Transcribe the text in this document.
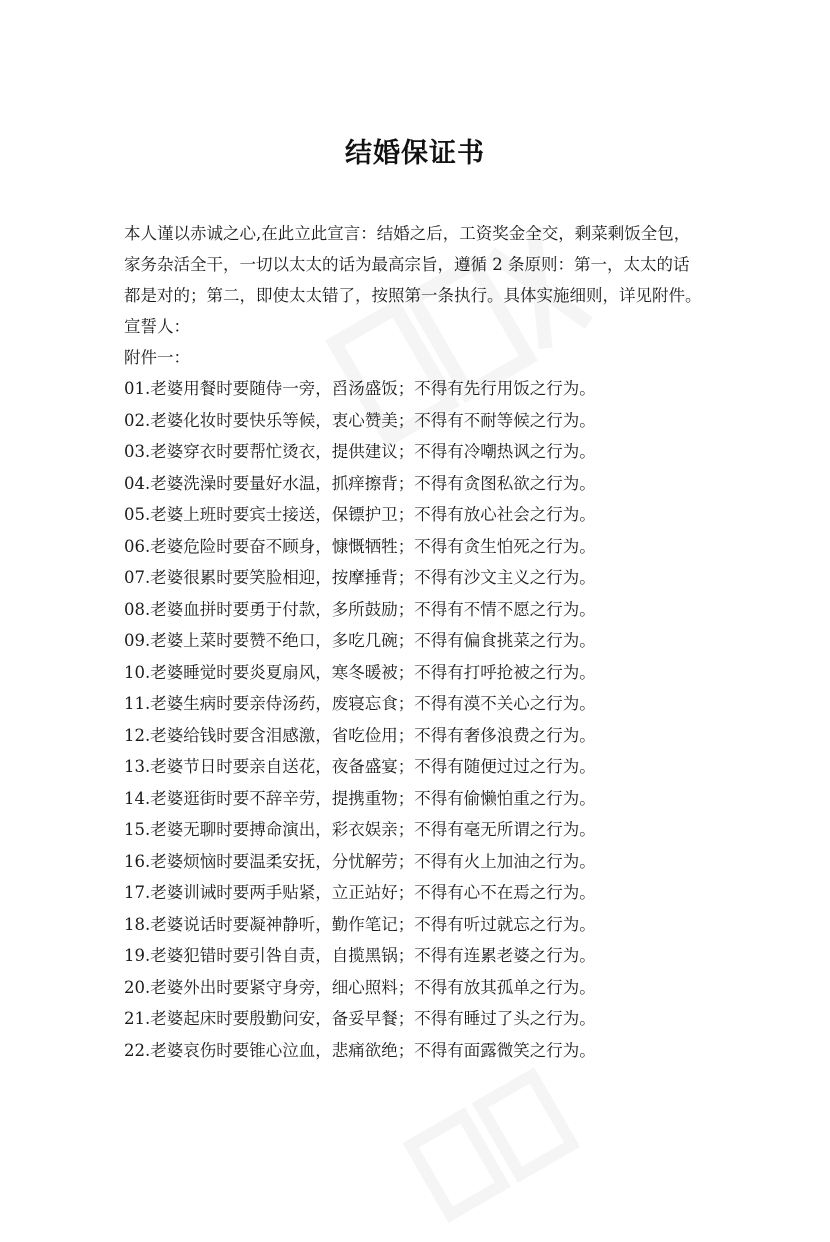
结婚保证书

本人谨以赤诚之心,在此立此宣言：结婚之后，工资奖金全交，剩菜剩饭全包，

家务杂活全干，一切以太太的话为最高宗旨，遵循 2 条原则：第一，太太的话

都是对的；第二，即使太太错了，按照第一条执行。具体实施细则，详见附件。

宣誓人：

附件一：

01.老婆用餐时要随侍一旁，舀汤盛饭；不得有先行用饭之行为。
02.老婆化妆时要快乐等候，衷心赞美；不得有不耐等候之行为。
03.老婆穿衣时要帮忙烫衣，提供建议；不得有冷嘲热讽之行为。
04.老婆洗澡时要量好水温，抓痒擦背；不得有贪图私欲之行为。
05.老婆上班时要宾士接送，保镖护卫；不得有放心社会之行为。
06.老婆危险时要奋不顾身，慷慨牺牲；不得有贪生怕死之行为。
07.老婆很累时要笑脸相迎，按摩捶背；不得有沙文主义之行为。
08.老婆血拼时要勇于付款，多所鼓励；不得有不情不愿之行为。
09.老婆上菜时要赞不绝口，多吃几碗；不得有偏食挑菜之行为。
10.老婆睡觉时要炎夏扇风，寒冬暖被；不得有打呼抢被之行为。
11.老婆生病时要亲侍汤药，废寝忘食；不得有漠不关心之行为。
12.老婆给钱时要含泪感激，省吃俭用；不得有奢侈浪费之行为。
13.老婆节日时要亲自送花，夜备盛宴；不得有随便过过之行为。
14.老婆逛街时要不辞辛劳，提携重物；不得有偷懒怕重之行为。
15.老婆无聊时要搏命演出，彩衣娱亲；不得有毫无所谓之行为。
16.老婆烦恼时要温柔安抚，分忧解劳；不得有火上加油之行为。
17.老婆训诫时要两手贴紧，立正站好；不得有心不在焉之行为。
18.老婆说话时要凝神静听，勤作笔记；不得有听过就忘之行为。
19.老婆犯错时要引咎自责，自揽黑锅；不得有连累老婆之行为。
20.老婆外出时要紧守身旁，细心照料；不得有放其孤单之行为。
21.老婆起床时要殷勤问安，备妥早餐；不得有睡过了头之行为。
22.老婆哀伤时要锥心泣血，悲痛欲绝；不得有面露微笑之行为。
